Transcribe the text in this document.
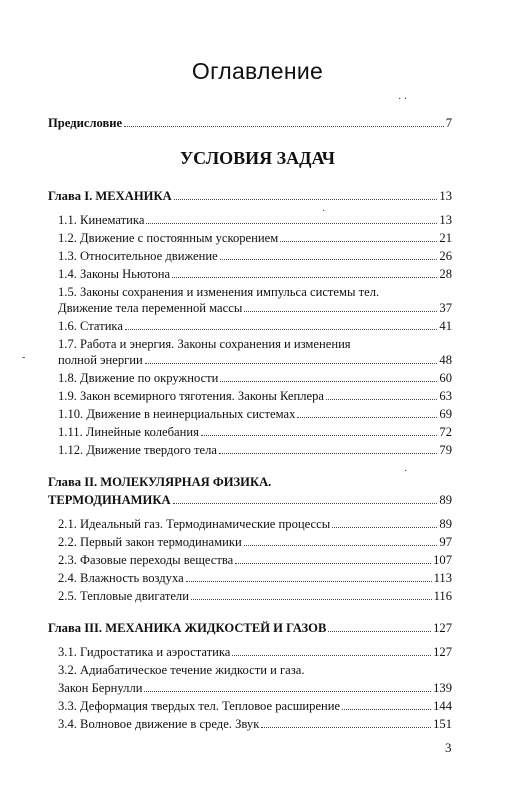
Оглавление
Предисловие	7
УСЛОВИЯ ЗАДАЧ
Глава I. МЕХАНИКА	13
1.1. Кинематика	13
1.2. Движение с постоянным ускорением	21
1.3. Относительное движение	26
1.4. Законы Ньютона	28
1.5. Законы сохранения и изменения импульса системы тел.
Движение тела переменной массы	37
1.6. Статика	41
1.7. Работа и энергия. Законы сохранения и изменения
полной энергии	48
1.8. Движение по окружности	60
1.9. Закон всемирного тяготения. Законы Кеплера	63
1.10. Движение в неинерциальных системах	69
1.11. Линейные колебания	72
1.12. Движение твердого тела	79
Глава II. МОЛЕКУЛЯРНАЯ ФИЗИКА.
ТЕРМОДИНАМИКА	89
2.1. Идеальный газ. Термодинамические процессы	89
2.2. Первый закон термодинамики	97
2.3. Фазовые переходы вещества	107
2.4. Влажность воздуха	113
2.5. Тепловые двигатели	116
Глава III. МЕХАНИКА ЖИДКОСТЕЙ И ГАЗОВ	127
3.1. Гидростатика и аэростатика	127
3.2. Адиабатическое течение жидкости и газа.
Закон Бернулли	139
3.3. Деформация твердых тел. Тепловое расширение	144
3.4. Волновое движение в среде. Звук	151
3
· ·
-
·
·
